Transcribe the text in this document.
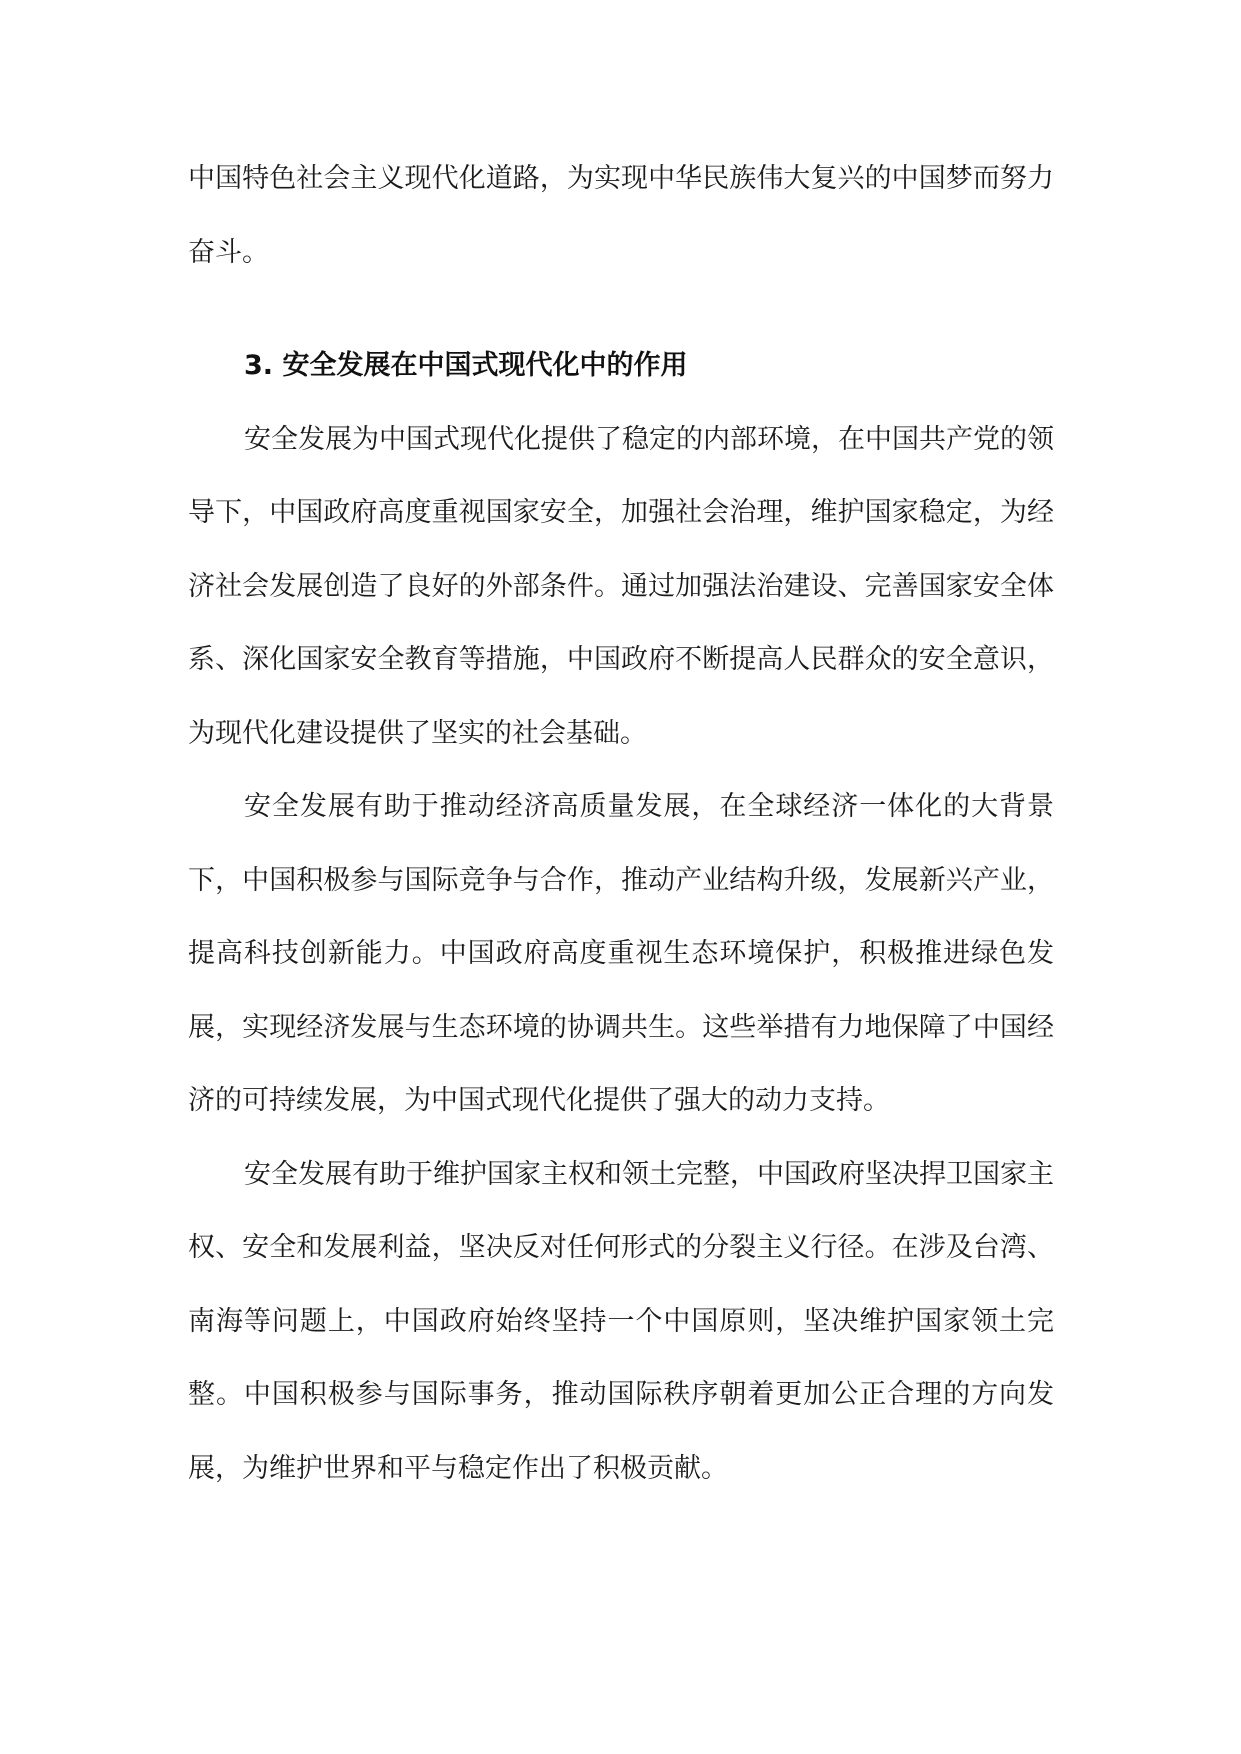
中国特色社会主义现代化道路，为实现中华民族伟大复兴的中国梦而努力奋斗。

3. 安全发展在中国式现代化中的作用

安全发展为中国式现代化提供了稳定的内部环境，在中国共产党的领导下，中国政府高度重视国家安全，加强社会治理，维护国家稳定，为经济社会发展创造了良好的外部条件。通过加强法治建设、完善国家安全体系、深化国家安全教育等措施，中国政府不断提高人民群众的安全意识，为现代化建设提供了坚实的社会基础。

安全发展有助于推动经济高质量发展，在全球经济一体化的大背景下，中国积极参与国际竞争与合作，推动产业结构升级，发展新兴产业，提高科技创新能力。中国政府高度重视生态环境保护，积极推进绿色发展，实现经济发展与生态环境的协调共生。这些举措有力地保障了中国经济的可持续发展，为中国式现代化提供了强大的动力支持。

安全发展有助于维护国家主权和领土完整，中国政府坚决捍卫国家主权、安全和发展利益，坚决反对任何形式的分裂主义行径。在涉及台湾、南海等问题上，中国政府始终坚持一个中国原则，坚决维护国家领土完整。中国积极参与国际事务，推动国际秩序朝着更加公正合理的方向发展，为维护世界和平与稳定作出了积极贡献。
